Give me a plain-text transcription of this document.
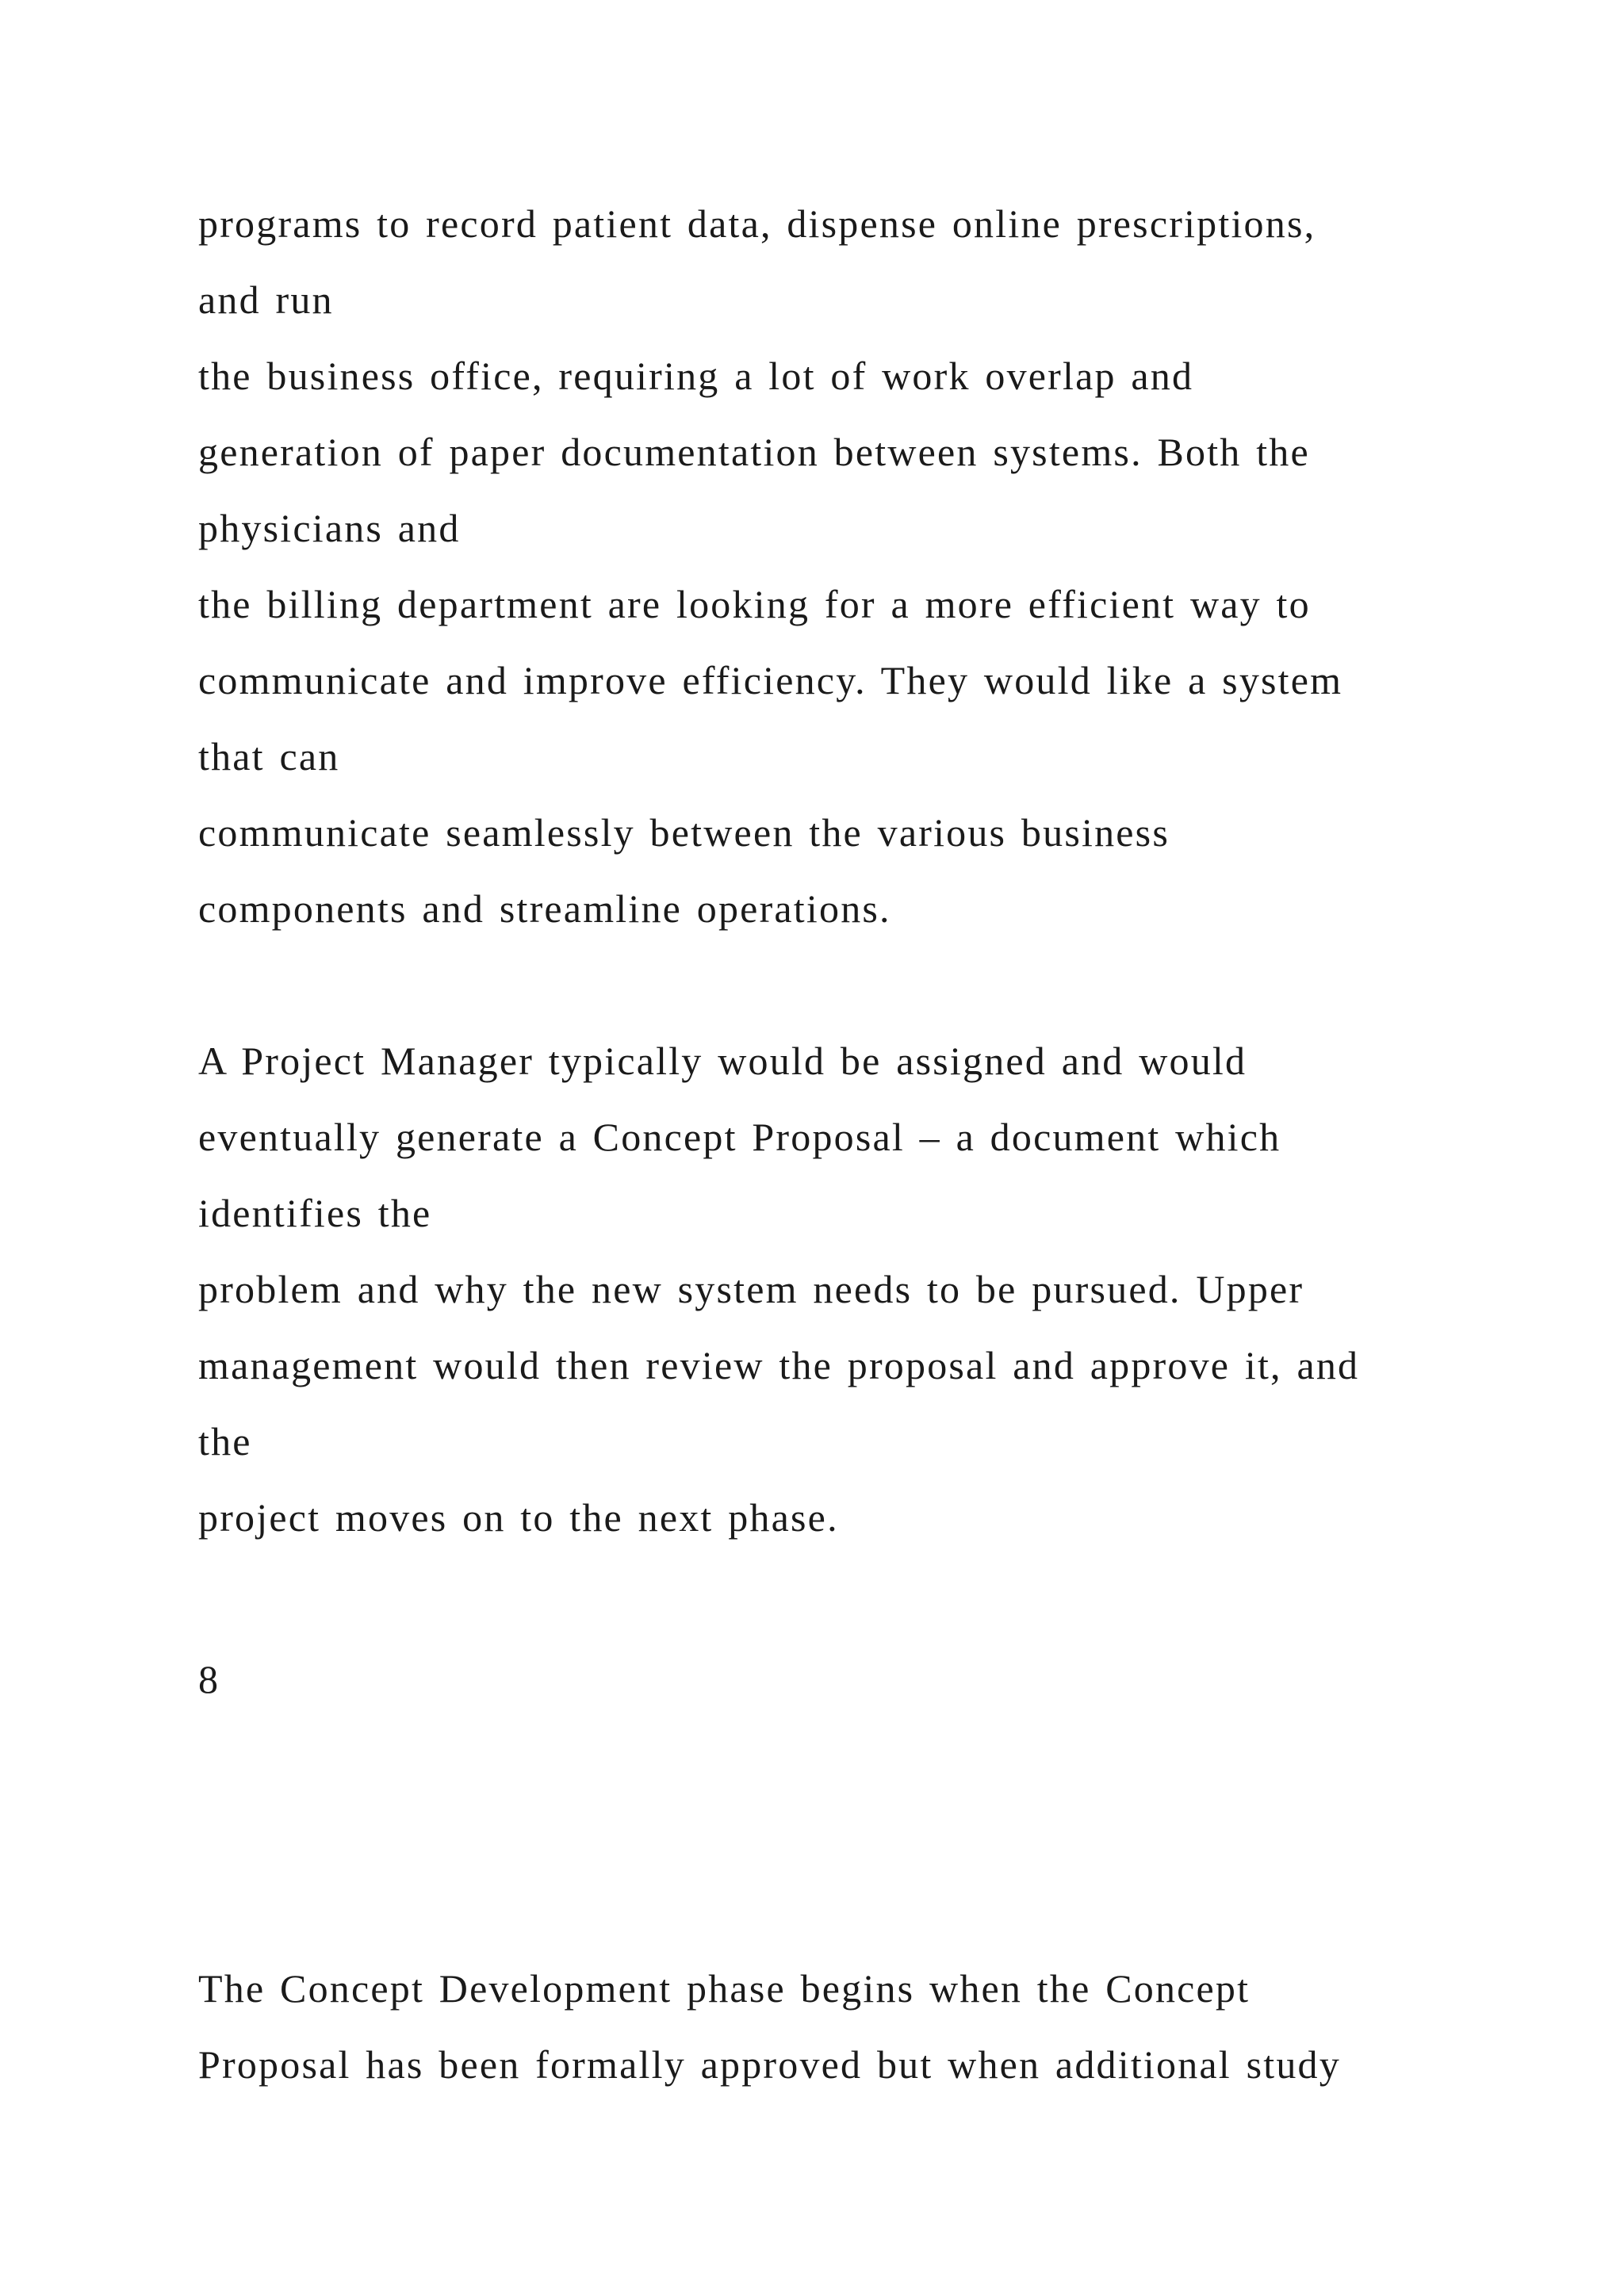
programs to record patient data, dispense online prescriptions,

and run

the business office, requiring a lot of work overlap and

generation of paper documentation between systems. Both the

physicians and

the billing department are looking for a more efficient way to

communicate and improve efficiency. They would like a system

that can

communicate seamlessly between the various business

components and streamline operations.

A Project Manager typically would be assigned and would

eventually generate a Concept Proposal – a document which

identifies the

problem and why the new system needs to be pursued. Upper

management would then review the proposal and approve it, and

the

project moves on to the next phase.

8

The Concept Development phase begins when the Concept

Proposal has been formally approved but when additional study
